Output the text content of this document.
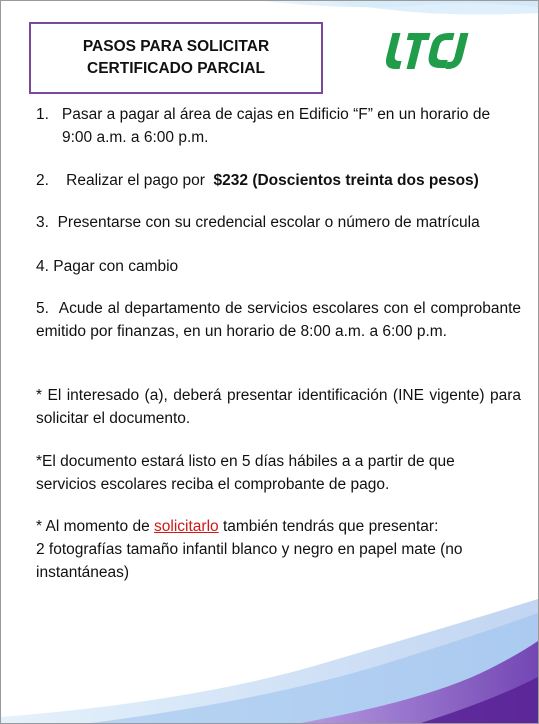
PASOS PARA SOLICITAR
CERTIFICADO PARCIAL
1. Pasar a pagar al área de cajas en Edificio “F” en un horario de
9:00 a.m. a 6:00 p.m.
2. Realizar el pago por $232 (Doscientos treinta dos pesos)
3. Presentarse con su credencial escolar o número de matrícula
4. Pagar con cambio
5. Acude al departamento de servicios escolares con el comprobante emitido por finanzas, en un horario de 8:00 a.m. a 6:00 p.m.
* El interesado (a), deberá presentar identificación (INE vigente) para solicitar el documento.
*El documento estará listo en 5 días hábiles a a partir de que servicios escolares reciba el comprobante de pago.
* Al momento de solicitarlo también tendrás que presentar:
2 fotografías tamaño infantil blanco y negro en papel mate (no instantáneas)
